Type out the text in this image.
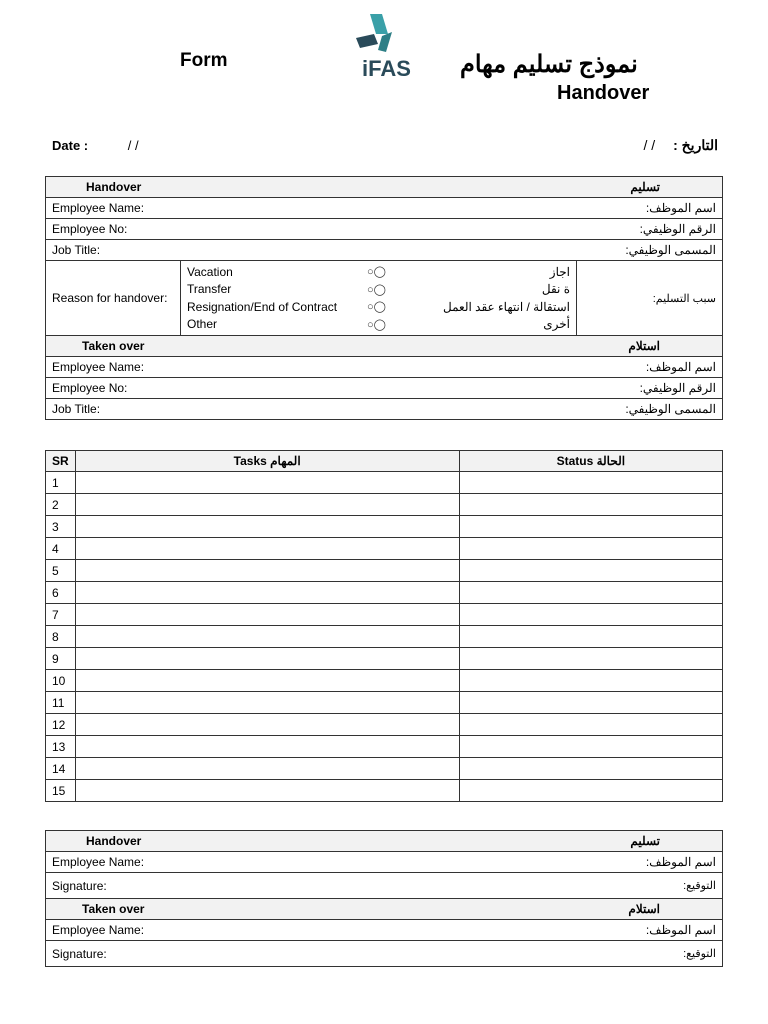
Form	iFAS نموذج تسليم مهام
Handover
Date :	/ /	التاريخ : / /
Handover	تسليم

Employee Name:	اسم الموظف:

Employee No:	الرقم الوظيفي:

Job Title:	المسمى الوظيفي:

Reason for handover:	
Vacation	○◯	اجاز
Transfer	○◯	ة نقل
Resignation/End of Contract	○◯	استقالة / انتهاء عقد العمل
Other	○◯	أخرى
	سبب التسليم:

Taken over	استلام

Employee Name:	اسم الموظف:

Employee No:	الرقم الوظيفي:

Job Title:	المسمى الوظيفي:
SR	Tasks المهام	Status الحالة
1		
2		
3		
4		
5		
6		
7		
8		
9		
10		
11		
12		
13		
14		
15		
Handover	تسليم

Employee Name:	اسم الموظف:

Signature:	التوقيع:

Taken over	استلام

Employee Name:	اسم الموظف:

Signature:	التوقيع:
